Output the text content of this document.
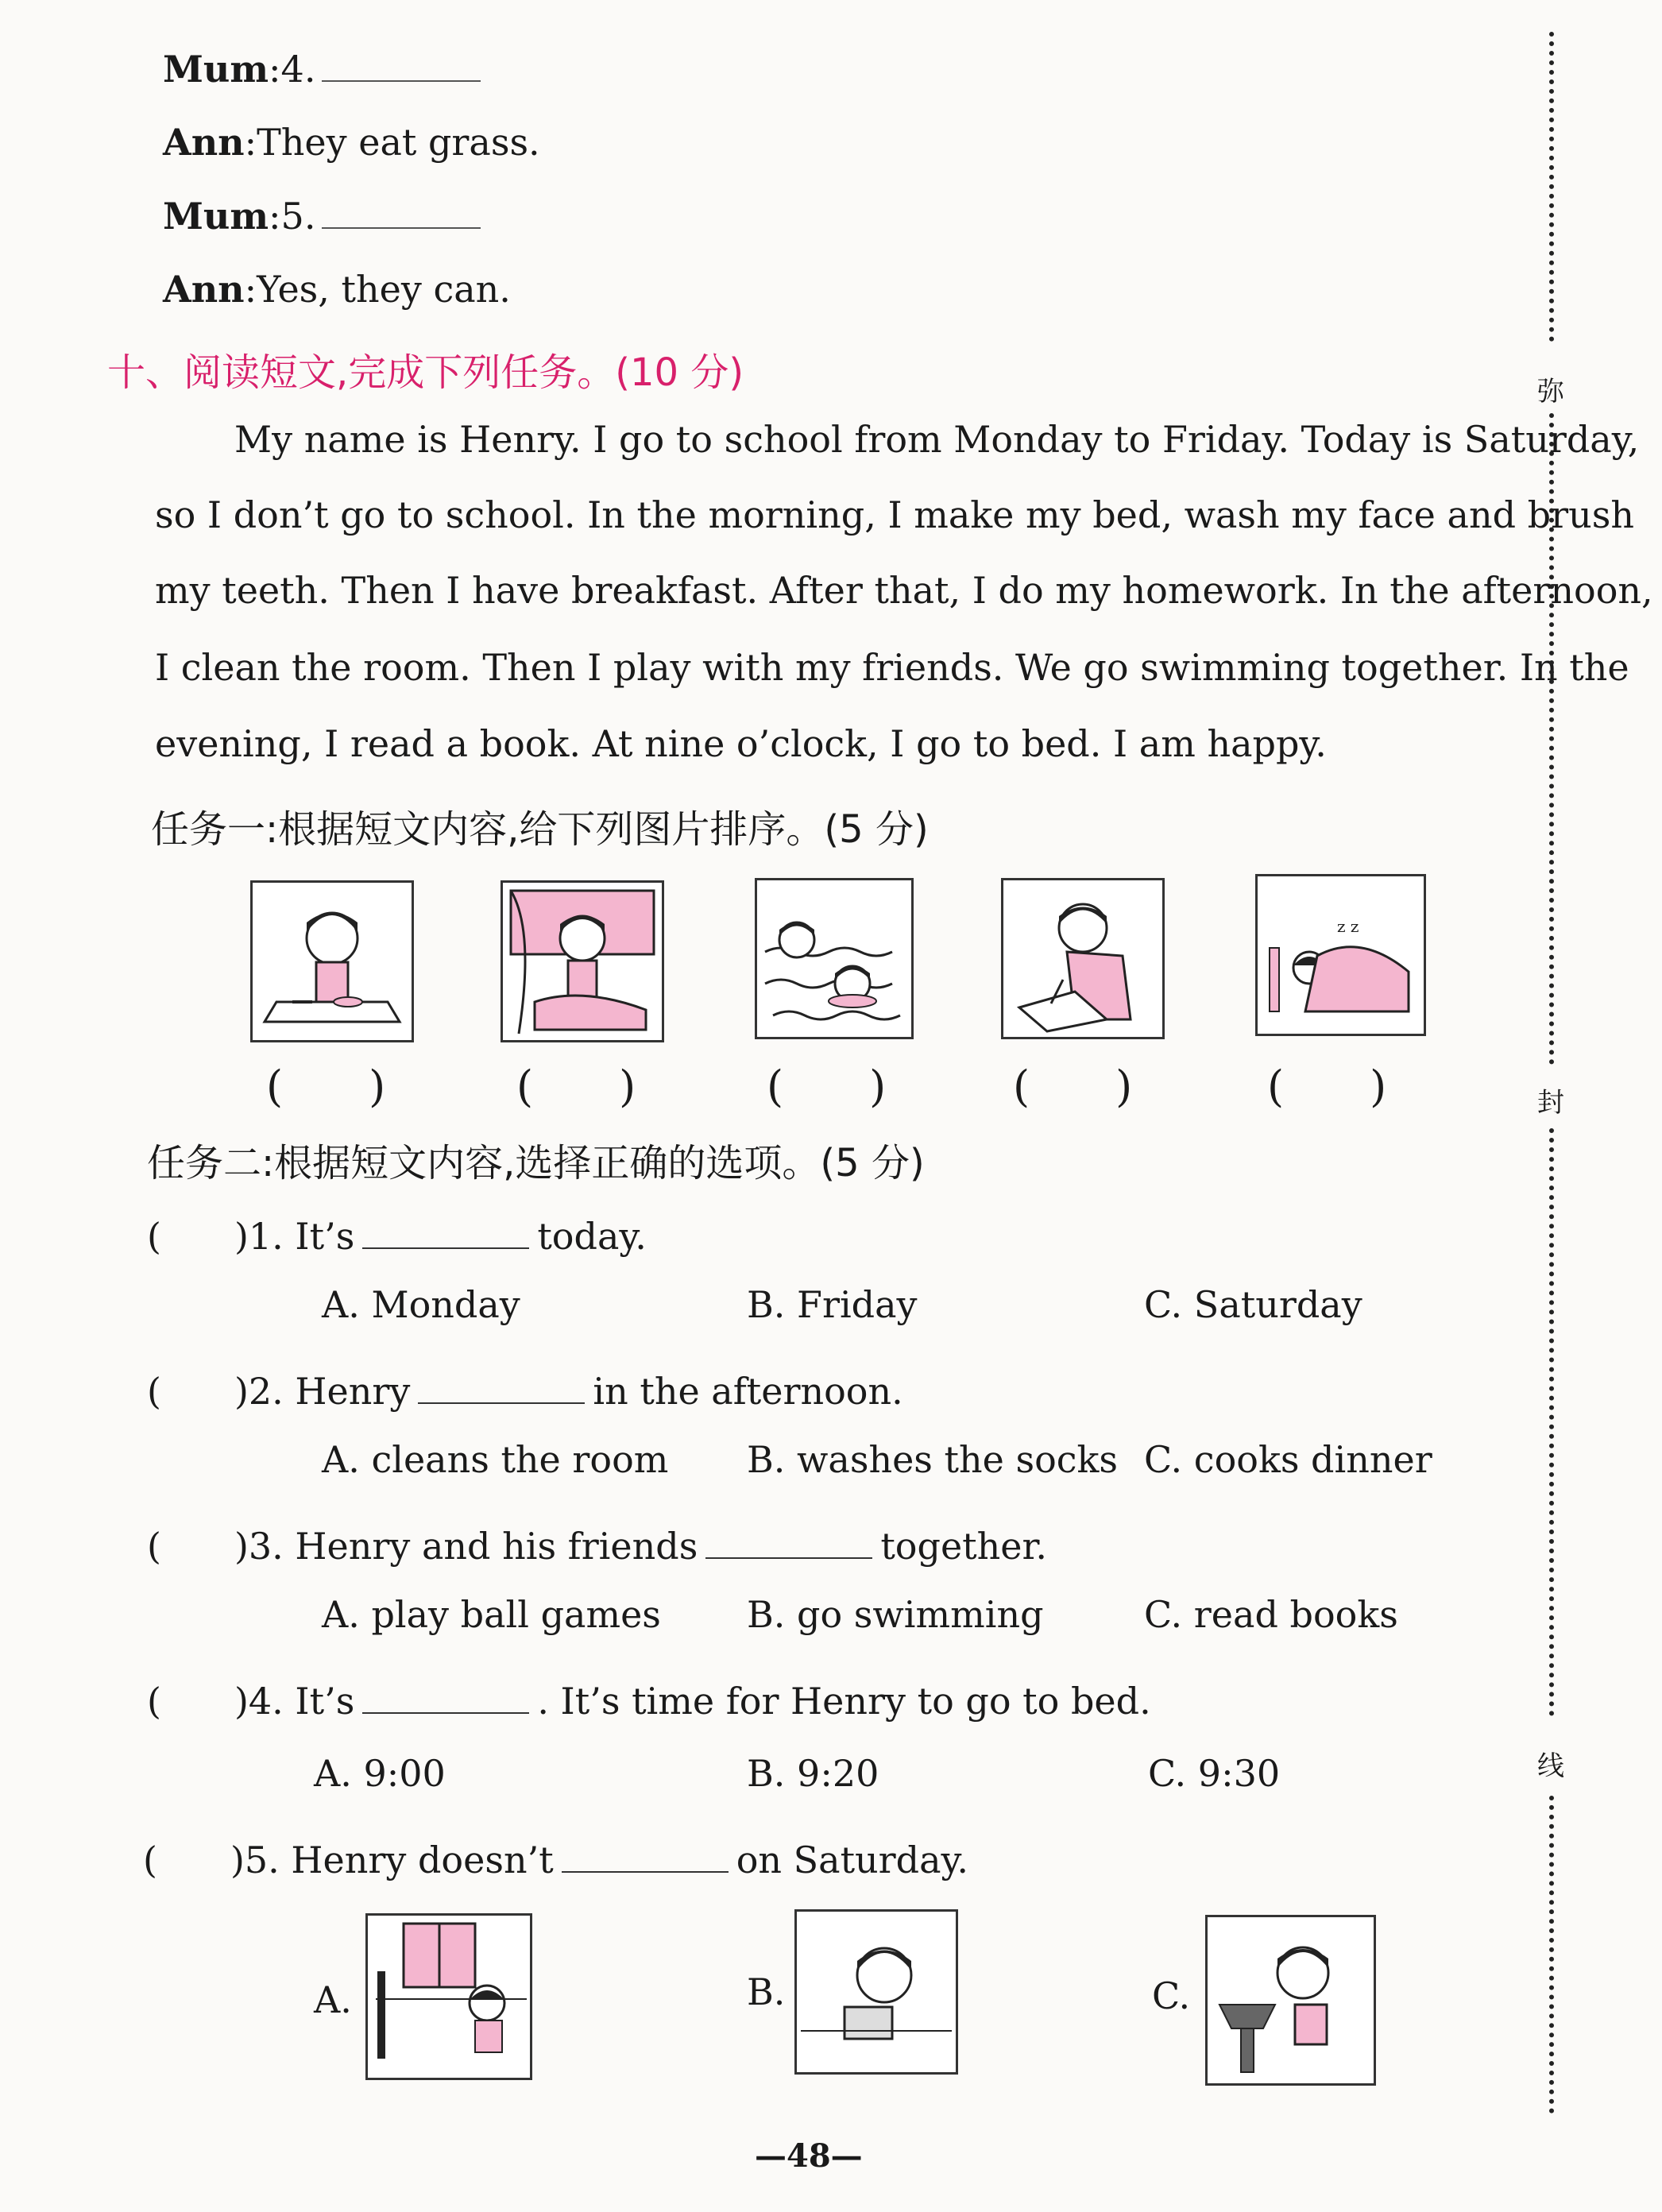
Mum:4.
Ann:They eat grass.
Mum:5.
Ann:Yes, they can.
十、阅读短文,完成下列任务。(10 分)
My name is Henry. I go to school from Monday to Friday. Today is Saturday,
so I don’t go to school. In the morning, I make my bed, wash my face and brush
my teeth. Then I have breakfast. After that, I do my homework. In the afternoon,
I clean the room. Then I play with my friends. We go swimming together. In the
evening, I read a book. At nine o’clock, I go to bed. I am happy.
任务一:根据短文内容,给下列图片排序。(5 分)
z z
(　　)	(　　)	(　　)	(　　)	(　　)
任务二:根据短文内容,选择正确的选项。(5 分)
(　　)1. It’s	today.
A. Monday	B. Friday	C. Saturday
(　　)2. Henry	in the afternoon.
A. cleans the room B. washes the socks C. cooks dinner
(　　)3. Henry and his friends	together.
A. play ball games B. go swimming	C. read books
(　　)4. It’s	. It’s time for Henry to go to bed.
A. 9:00	B. 9:20	C. 9:30
(　　)5. Henry doesn’t	on Saturday.
A.	B.	C.
—48—
弥
封
线
